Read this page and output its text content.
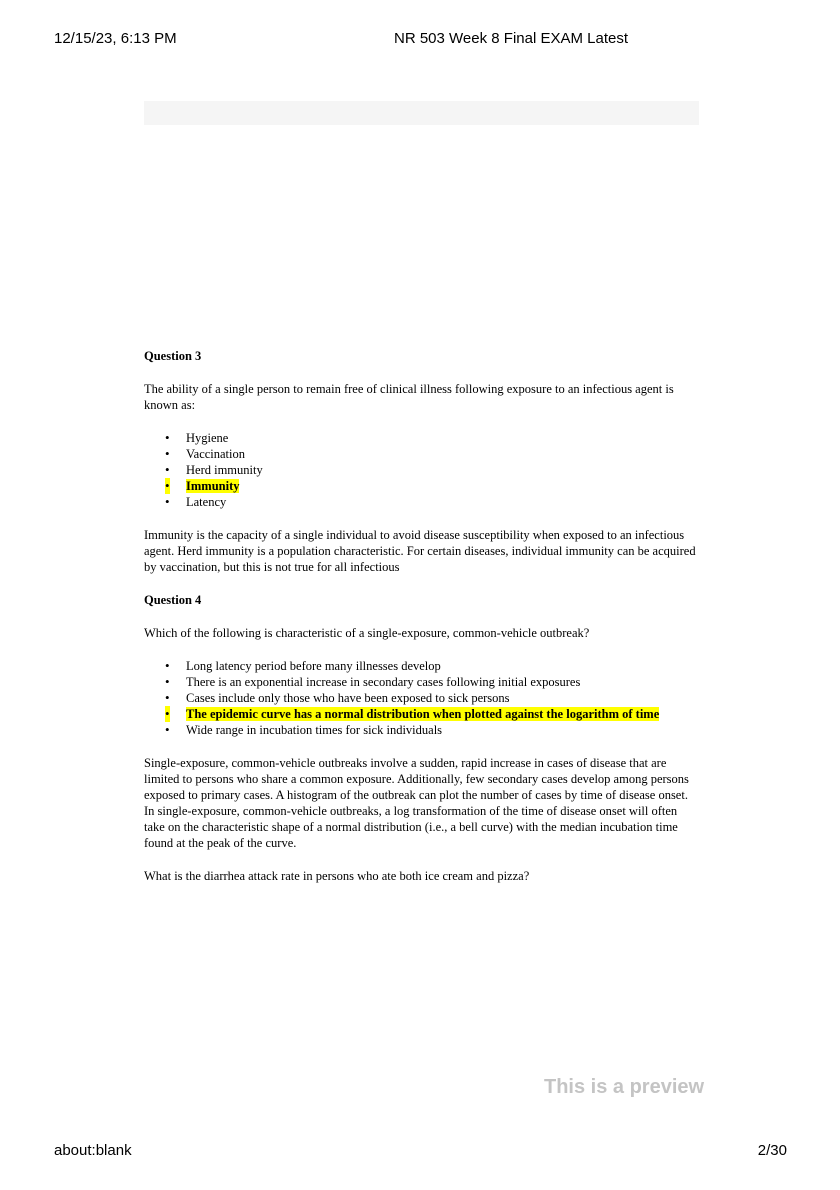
12/15/23, 6:13 PM	NR 503 Week 8 Final EXAM Latest
Question 3
The ability of a single person to remain free of clinical illness following exposure to an infectious agent is known as:
• Hygiene
• Vaccination
• Herd immunity
• Immunity
• Latency
Immunity is the capacity of a single individual to avoid disease susceptibility when exposed to an infectious agent. Herd immunity is a population characteristic. For certain diseases, individual immunity can be acquired by vaccination, but this is not true for all infectious
Question 4
Which of the following is characteristic of a single-exposure, common-vehicle outbreak?
• Long latency period before many illnesses develop
• There is an exponential increase in secondary cases following initial exposures
• Cases include only those who have been exposed to sick persons
• The epidemic curve has a normal distribution when plotted against the logarithm of time
• Wide range in incubation times for sick individuals
Single-exposure, common-vehicle outbreaks involve a sudden, rapid increase in cases of disease that are limited to persons who share a common exposure. Additionally, few secondary cases develop among persons exposed to primary cases. A histogram of the outbreak can plot the number of cases by time of disease onset. In single-exposure, common-vehicle outbreaks, a log transformation of the time of disease onset will often take on the characteristic shape of a normal distribution (i.e., a bell curve) with the median incubation time found at the peak of the curve.
What is the diarrhea attack rate in persons who ate both ice cream and pizza?
This is a preview
about:blank	2/30
